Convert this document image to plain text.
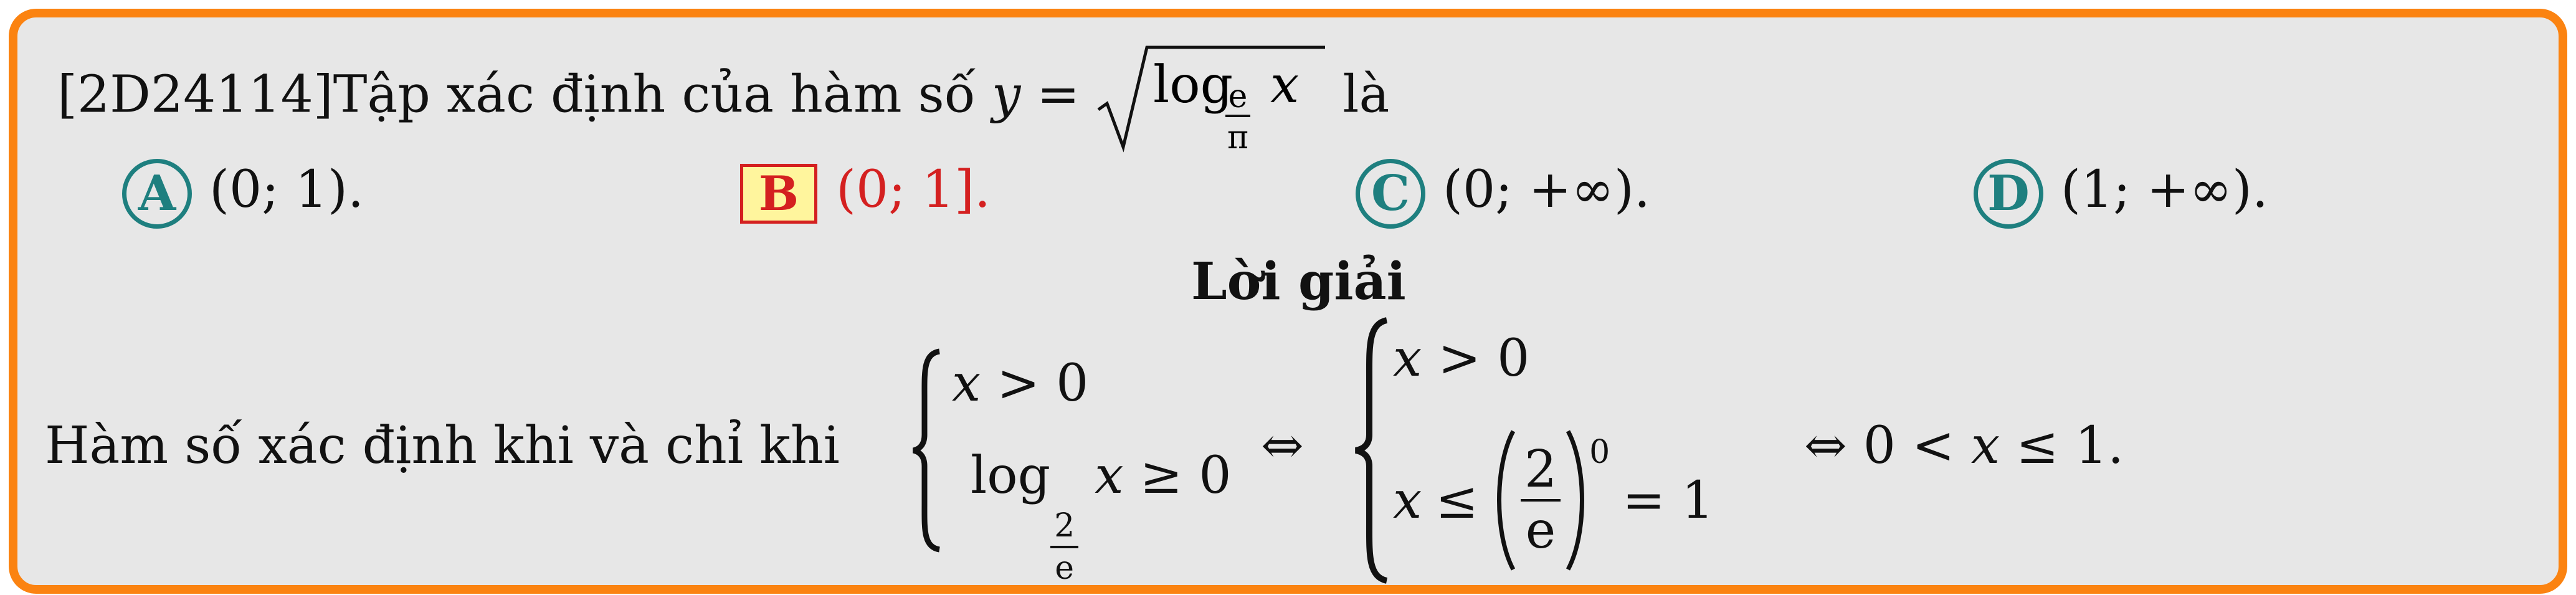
[2D24114]Tập xác định của hàm số y = log
e
π
x là
A (0; 1).	B (0; 1].	C (0; +∞).	D (1; +∞).
Lời giải
Hàm số xác định khi và chỉ khi
x > 0
log
$\frac{2}{e}$
x ≥ 0
⇔
x > 0
$x \le \frac{2}{e} 0$
= 1
⇔ 0 < x ≤ 1.
